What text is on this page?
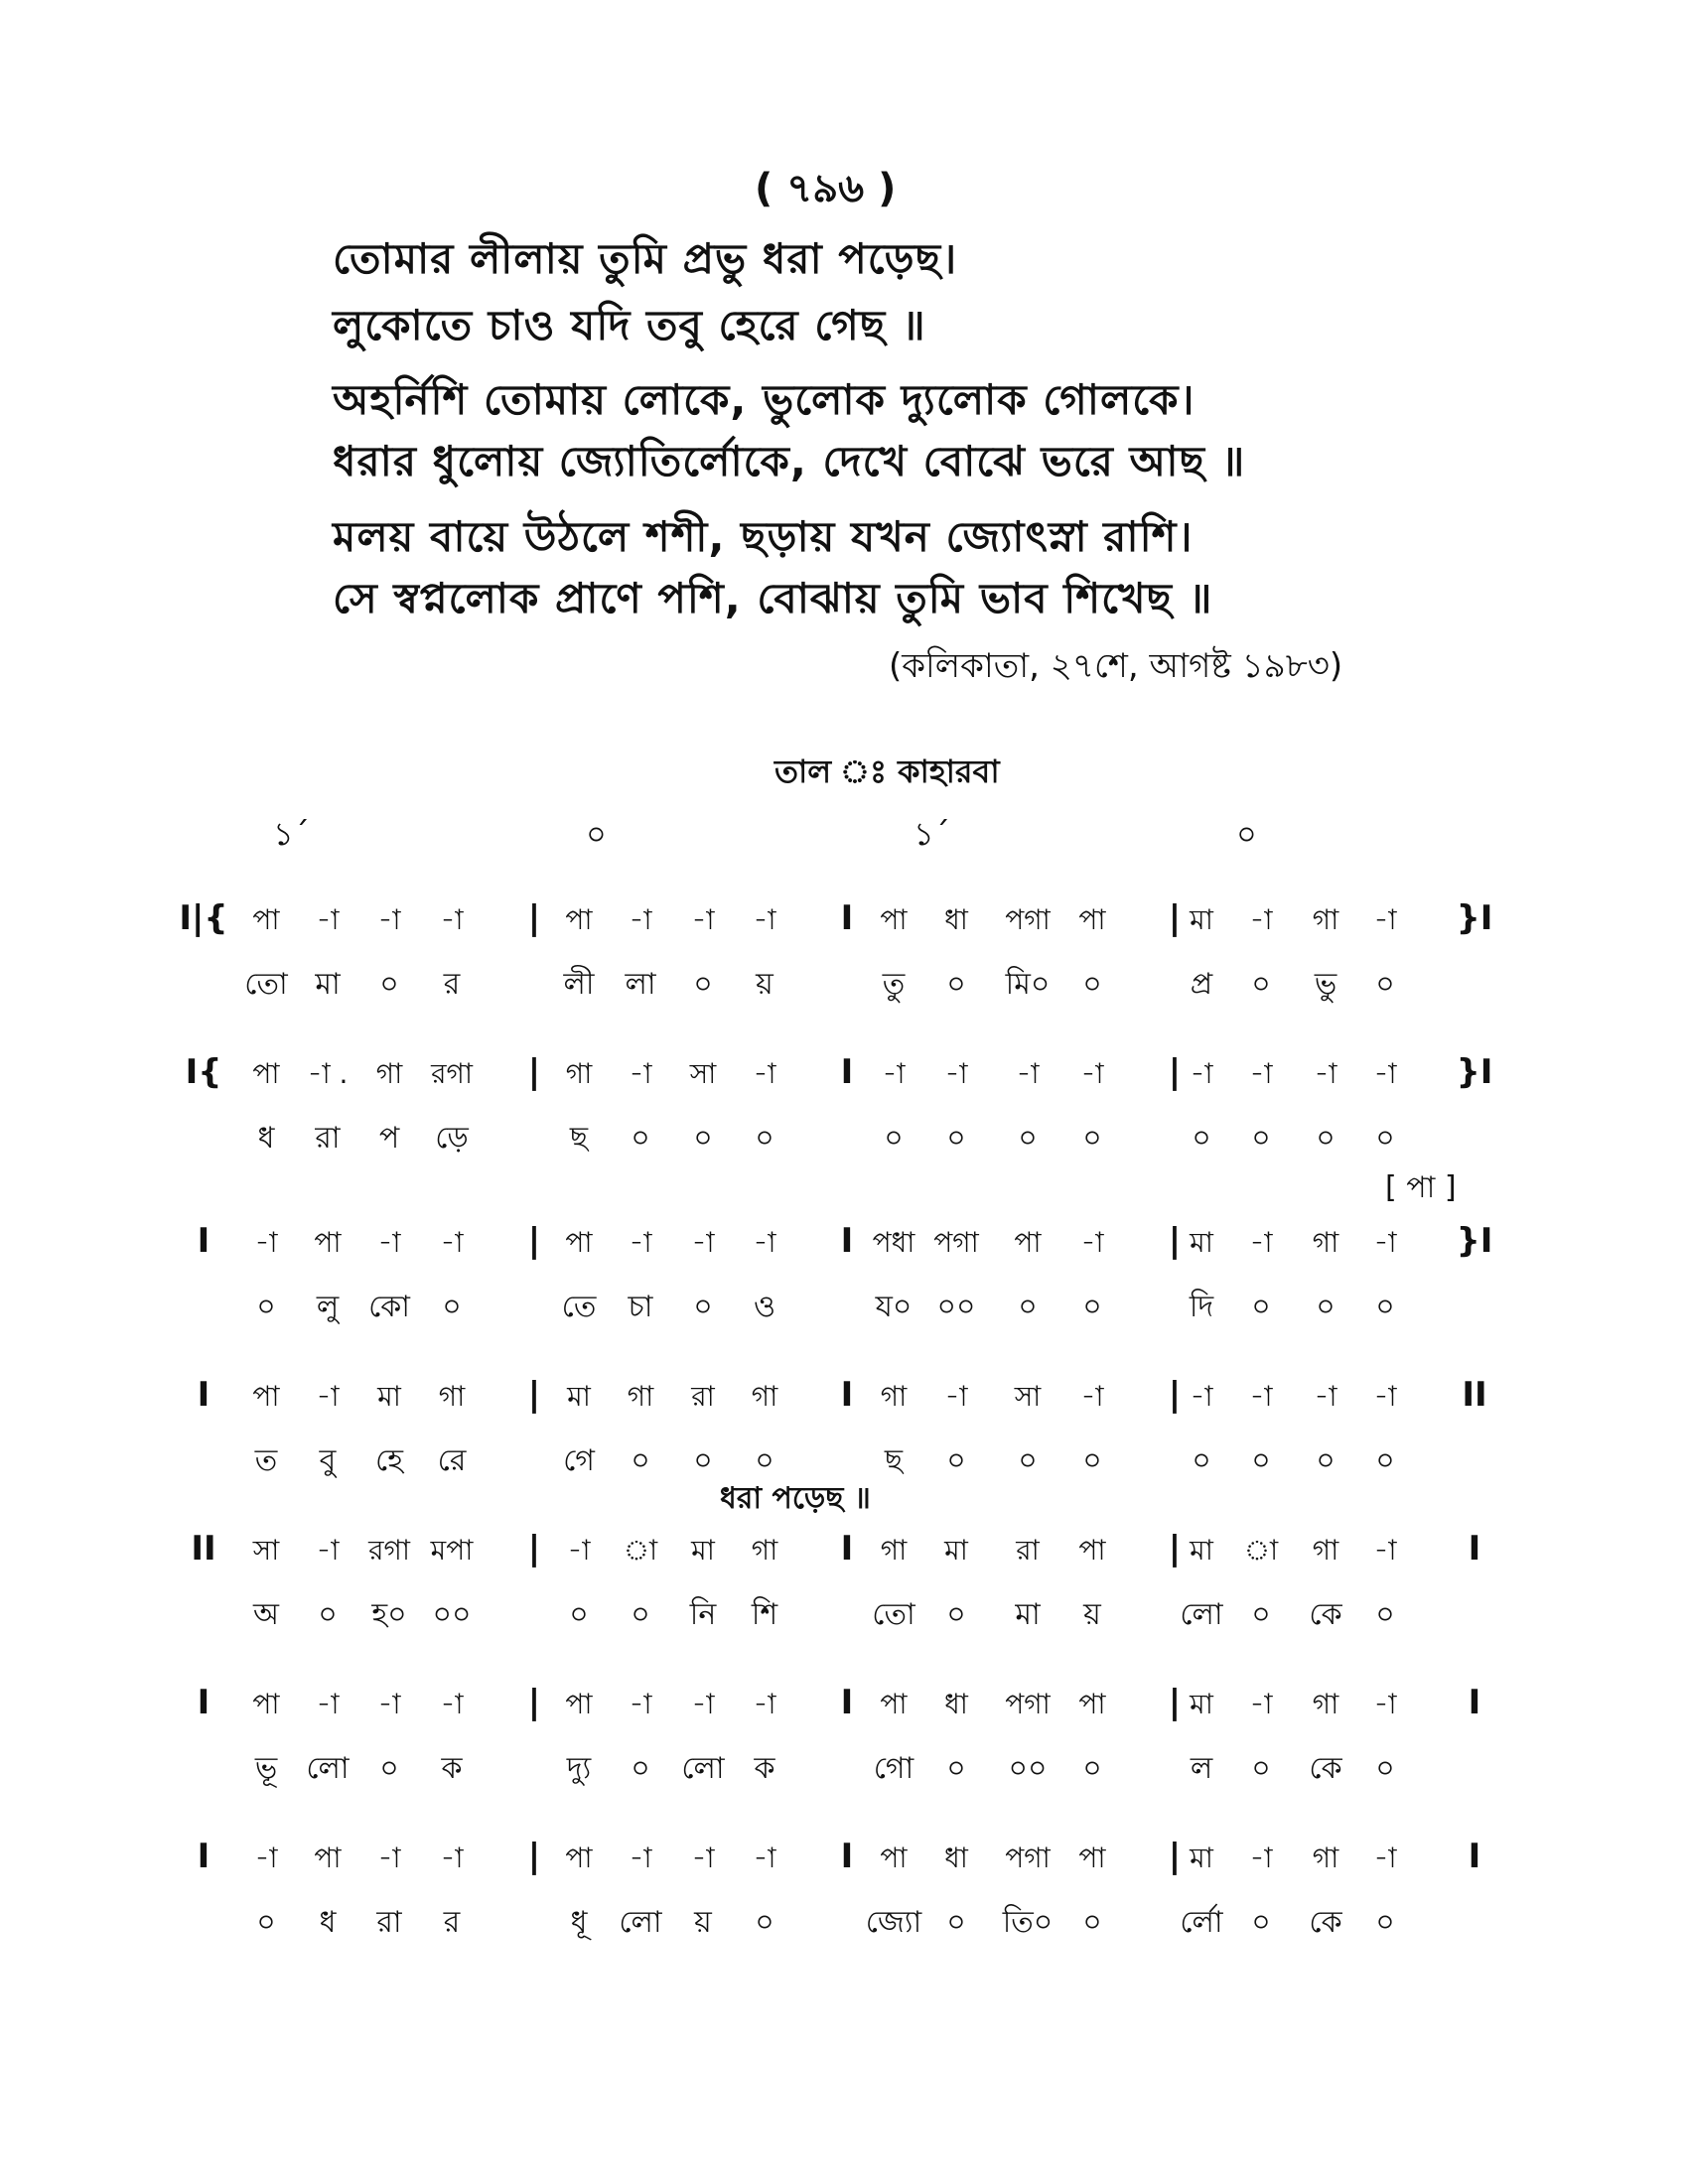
( ৭৯৬ )
তোমার লীলায় তুমি প্রভু ধরা পড়েছ।
লুকোতে চাও যদি তবু হেরে গেছ ॥
অহর্নিশি তোমায় লোকে, ভুলোক দ্যুলোক গোলকে।
ধরার ধুলোয় জ্যোতির্লোকে, দেখে বোঝে ভরে আছ ॥
মলয় বায়ে উঠলে শশী, ছড়ায় যখন জ্যোৎস্না রাশি।
সে স্বপ্নলোক প্রাণে পশি, বোঝায় তুমি ভাব শিখেছ ॥
(কলিকাতা, ২৭শে, আগষ্ট ১৯৮৩)
তাল ঃ কাহারবা
১´	০	১´	০
I|{ পা -া -া -া | পা -া -া -া I পা ধা পগা পা | মা -া গা -া }I
তো মা ০ র	লী লা ০ য়	তু ০ মি০ ০	প্র ০ ভু ০
I{ পা -া . গা রগা | গা -া সা -া I -া -া -া -া | -া -া -া -া }I
ধ রা প ড়ে	ছ ০ ০ ০	০ ০ ০ ০	০ ০ ০ ০
[ পা ]
I -া পা -া -া | পা -া -া -া I পধা পগা পা -া | মা -া গা -া }I
০ লু কো ০	তে চা ০ ও	য০ ০০ ০ ০	দি ০ ০ ০
I পা -া মা গা | মা গা রা গা I গা -া সা -া | -া -া -া -া II
ত বু হে রে	গে ০ ০ ০	ছ ০ ০ ০	০ ০ ০ ০
II সা -া রগা মপা | -া া মা গা I গা মা রা পা | মা া গা -া I
অ ০ হ০ ০০	০ ০ নি শি	তো ০ মা য়	লো ০ কে ০
I পা -া -া -া | পা -া -া -া I পা ধা পগা পা | মা -া গা -া I
ভূ লো ০ ক	দ্যু ০ লো ক	গো ০ ০০ ০	ল ০ কে ০
I -া পা -া -া | পা -া -া -া I পা ধা পগা পা | মা -া গা -া I
০ ধ রা র	ধূ লো য় ০	জ্যো ০ তি০ ০	র্লো ০ কে ০
ধরা পড়েছ ॥
